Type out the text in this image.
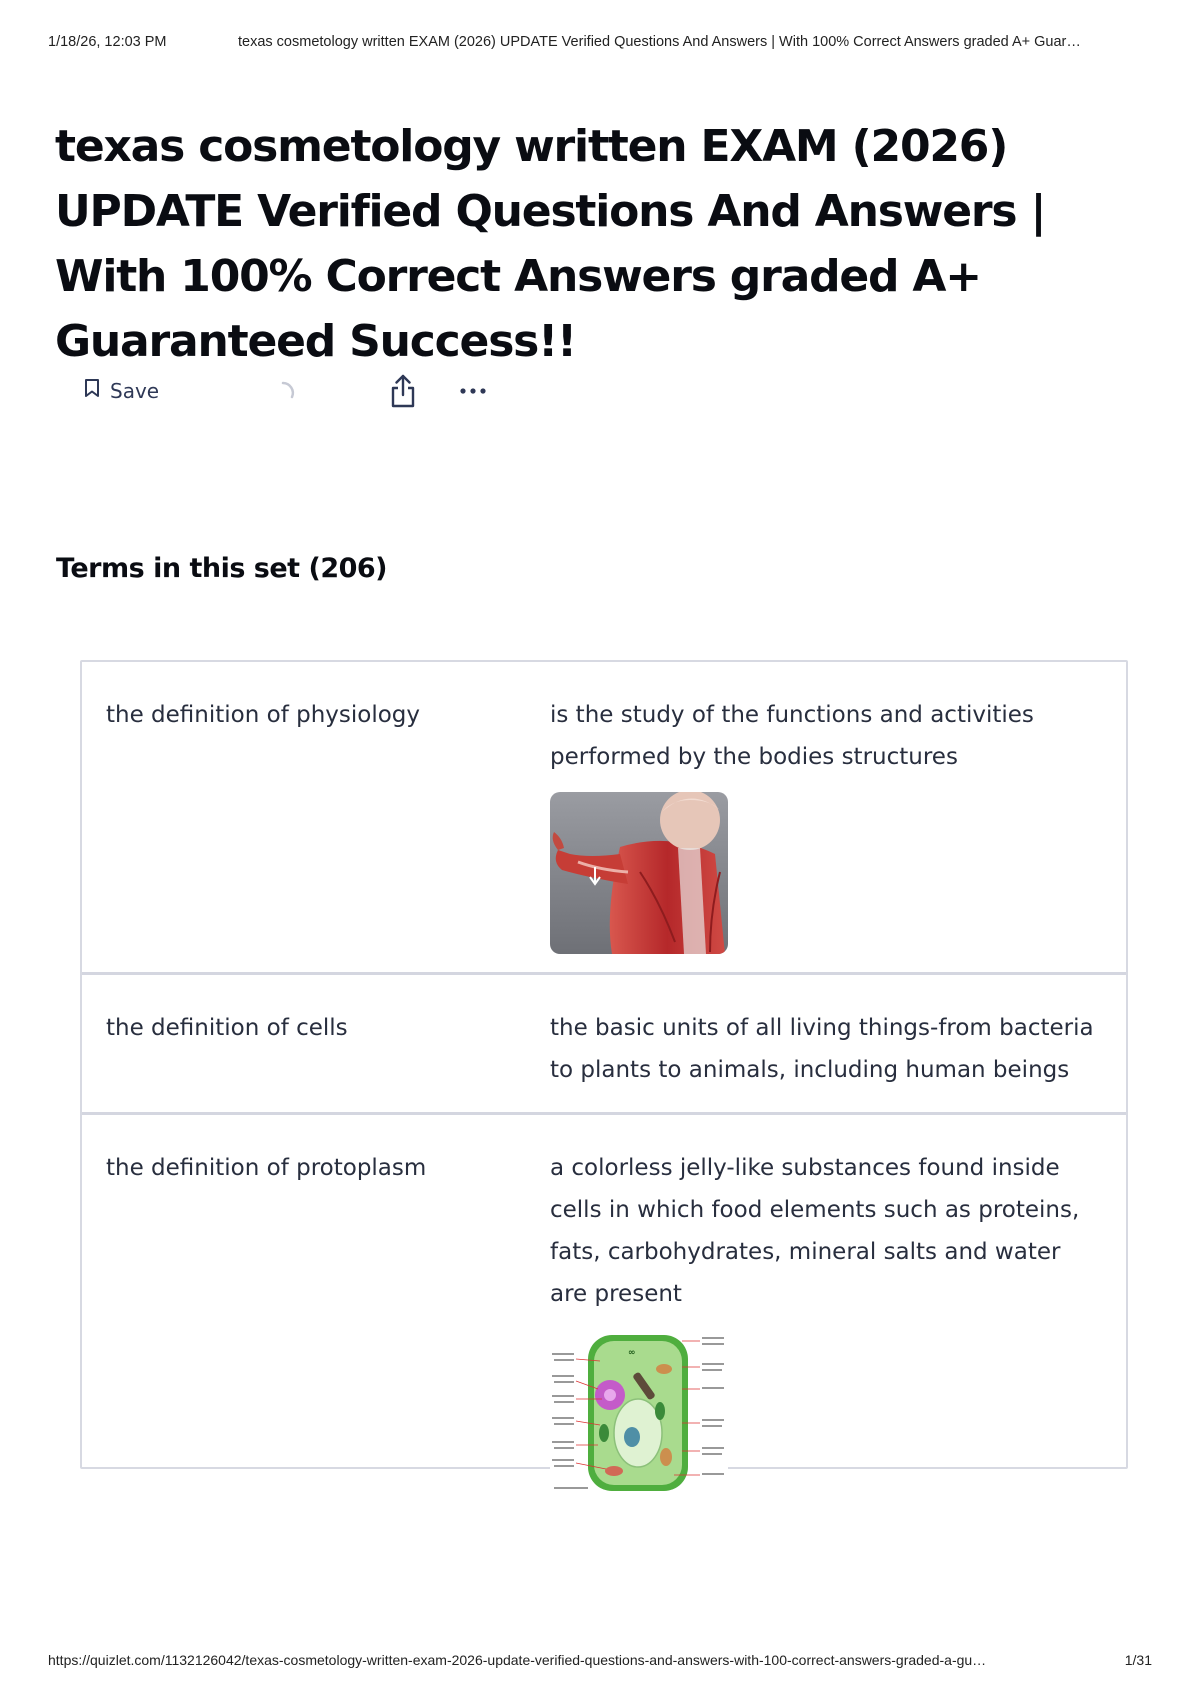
1/18/26, 12:03 PM	texas cosmetology written EXAM (2026) UPDATE Verified Questions And Answers | With 100% Correct Answers graded A+ Guar…
texas cosmetology written EXAM (2026) UPDATE Verified Questions And Answers | With 100% Correct Answers graded A+ Guaranteed Success!!
Save
Terms in this set (206)
the definition of physiology	is the study of the functions and activities performed by the bodies structures
the definition of cells	the basic units of all living things-from bacteria to plants to animals, including human beings
the definition of protoplasm	a colorless jelly-like substances found inside cells in which food elements such as proteins, fats, carbohydrates, mineral salts and water are present
∞
https://quizlet.com/1132126042/texas-cosmetology-written-exam-2026-update-verified-questions-and-answers-with-100-correct-answers-graded-a-gu…	1/31
